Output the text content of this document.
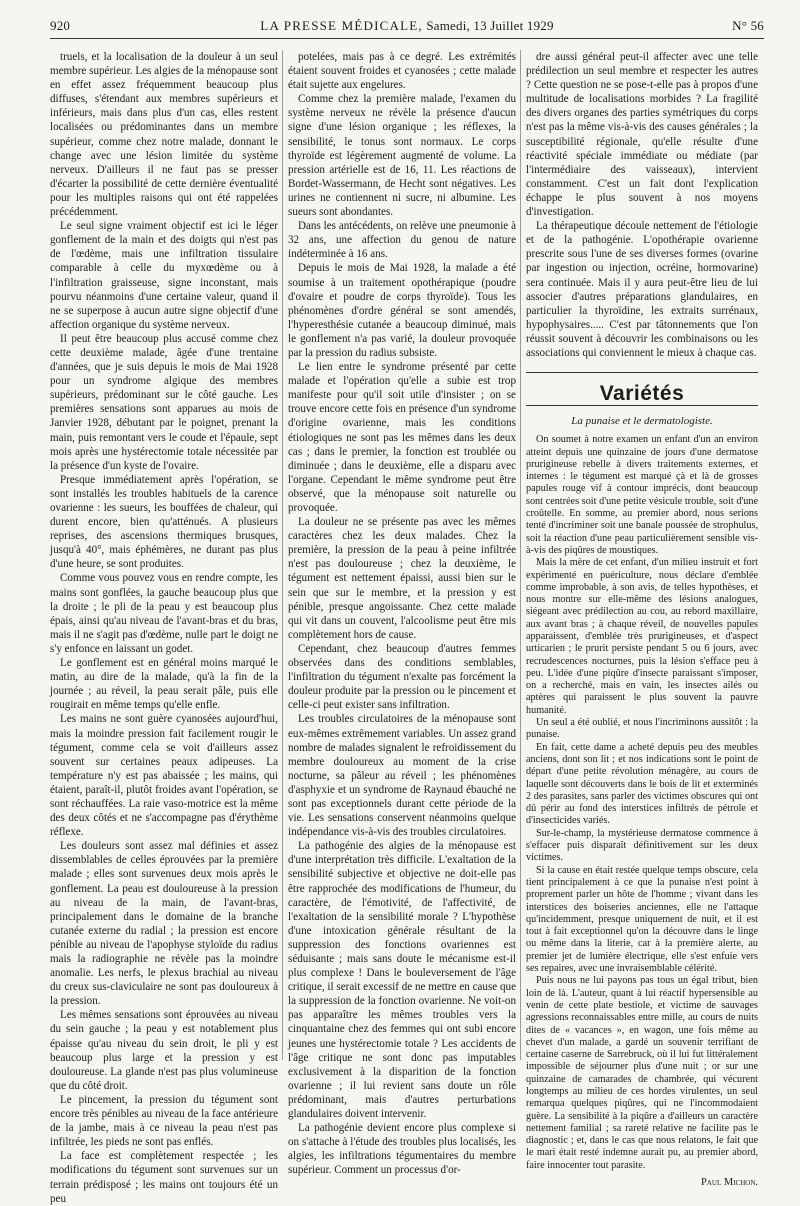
920	LA PRESSE MÉDICALE, Samedi, 13 Juillet 1929	N° 56

truels, et la localisation de la douleur à un seul membre supérieur. Les algies de la ménopause sont en effet assez fréquemment beaucoup plus diffuses, s'étendant aux membres supérieurs et inférieurs, mais dans plus d'un cas, elles restent localisées ou prédominantes dans un membre supérieur, comme chez notre malade, donnant le change avec une lésion limitée du système nerveux. D'ailleurs il ne faut pas se presser d'écarter la possibilité de cette dernière éventualité pour les multiples raisons qui ont été rappelées précédemment.

Le seul signe vraiment objectif est ici le léger gonflement de la main et des doigts qui n'est pas de l'œdème, mais une infiltration tissulaire comparable à celle du myxœdème ou à l'infiltration graisseuse, signe inconstant, mais pourvu néanmoins d'une certaine valeur, quand il ne se superpose à aucun autre signe objectif d'une affection organique du système nerveux.

Il peut être beaucoup plus accusé comme chez cette deuxième malade, âgée d'une trentaine d'années, que je suis depuis le mois de Mai 1928 pour un syndrome algique des membres supérieurs, prédominant sur le côté gauche. Les premières sensations sont apparues au mois de Janvier 1928, débutant par le poignet, prenant la main, puis remontant vers le coude et l'épaule, sept mois après une hystérectomie totale nécessitée par la présence d'un kyste de l'ovaire.

Presque immédiatement après l'opération, se sont installés les troubles habituels de la carence ovarienne : les sueurs, les bouffées de chaleur, qui durent encore, bien qu'atténués. A plusieurs reprises, des ascensions thermiques brusques, jusqu'à 40°, mais éphémères, ne durant pas plus d'une heure, se sont produites.

Comme vous pouvez vous en rendre compte, les mains sont gonflées, la gauche beaucoup plus que la droite ; le pli de la peau y est beaucoup plus épais, ainsi qu'au niveau de l'avant-bras et du bras, mais il ne s'agit pas d'œdème, nulle part le doigt ne s'y enfonce en laissant un godet.

Le gonflement est en général moins marqué le matin, au dire de la malade, qu'à la fin de la journée ; au réveil, la peau serait pâle, puis elle rougirait en même temps qu'elle enfle.

Les mains ne sont guère cyanosées aujourd'hui, mais la moindre pression fait facilement rougir le tégument, comme cela se voit d'ailleurs assez souvent sur certaines peaux adipeuses. La température n'y est pas abaissée ; les mains, qui étaient, paraît-il, plutôt froides avant l'opération, se sont réchauffées. La raie vaso-motrice est la même des deux côtés et ne s'accompagne pas d'érythème réflexe.

Les douleurs sont assez mal définies et assez dissemblables de celles éprouvées par la première malade ; elles sont survenues deux mois après le gonflement. La peau est douloureuse à la pression au niveau de la main, de l'avant-bras, principalement dans le domaine de la branche cutanée externe du radial ; la pression est encore pénible au niveau de l'apophyse styloïde du radius mais la radiographie ne révèle pas la moindre anomalie. Les nerfs, le plexus brachial au niveau du creux sus-claviculaire ne sont pas douloureux à la pression.

Les mêmes sensations sont éprouvées au niveau du sein gauche ; la peau y est notablement plus épaisse qu'au niveau du sein droit, le pli y est beaucoup plus large et la pression y est douloureuse. La glande n'est pas plus volumineuse que du côté droit.

Le pincement, la pression du tégument sont encore très pénibles au niveau de la face antérieure de la jambe, mais à ce niveau la peau n'est pas infiltrée, les pieds ne sont pas enflés.

La face est complètement respectée ; les modifications du tégument sont survenues sur un terrain prédisposé ; les mains ont toujours été un peu

potelées, mais pas à ce degré. Les extrémités étaient souvent froides et cyanosées ; cette malade était sujette aux engelures.

Comme chez la première malade, l'examen du système nerveux ne révèle la présence d'aucun signe d'une lésion organique ; les réflexes, la sensibilité, le tonus sont normaux. Le corps thyroïde est légèrement augmenté de volume. La pression artérielle est de 16, 11. Les réactions de Bordet-Wassermann, de Hecht sont négatives. Les urines ne contiennent ni sucre, ni albumine. Les sueurs sont abondantes.

Dans les antécédents, on relève une pneumonie à 32 ans, une affection du genou de nature indéterminée à 16 ans.

Depuis le mois de Mai 1928, la malade a été soumise à un traitement opothérapique (poudre d'ovaire et poudre de corps thyroïde). Tous les phénomènes d'ordre général se sont amendés, l'hyperesthésie cutanée a beaucoup diminué, mais le gonflement n'a pas varié, la douleur provoquée par la pression du radius subsiste.

Le lien entre le syndrome présenté par cette malade et l'opération qu'elle a subie est trop manifeste pour qu'il soit utile d'insister ; on se trouve encore cette fois en présence d'un syndrome d'origine ovarienne, mais les conditions étiologiques ne sont pas les mêmes dans les deux cas ; dans le premier, la fonction est troublée ou diminuée ; dans le deuxième, elle a disparu avec l'organe. Cependant le même syndrome peut être observé, que la ménopause soit naturelle ou provoquée.

La douleur ne se présente pas avec les mêmes caractères chez les deux malades. Chez la première, la pression de la peau à peine infiltrée n'est pas douloureuse ; chez la deuxième, le tégument est nettement épaissi, aussi bien sur le sein que sur le membre, et la pression y est pénible, presque angoissante. Chez cette malade qui vit dans un couvent, l'alcoolisme peut être mis complètement hors de cause.

Cependant, chez beaucoup d'autres femmes observées dans des conditions semblables, l'infiltration du tégument n'exalte pas forcément la douleur produite par la pression ou le pincement et celle-ci peut exister sans infiltration.

Les troubles circulatoires de la ménopause sont eux-mêmes extrêmement variables. Un assez grand nombre de malades signalent le refroidissement du membre douloureux au moment de la crise nocturne, sa pâleur au réveil ; les phénomènes d'asphyxie et un syndrome de Raynaud ébauché ne sont pas exceptionnels durant cette période de la vie. Les sensations conservent néanmoins quelque indépendance vis-à-vis des troubles circulatoires.

La pathogénie des algies de la ménopause est d'une interprétation très difficile. L'exaltation de la sensibilité subjective et objective ne doit-elle pas être rapprochée des modifications de l'humeur, du caractère, de l'émotivité, de l'affectivité, de l'exaltation de la sensibilité morale ? L'hypothèse d'une intoxication générale résultant de la suppression des fonctions ovariennes est séduisante ; mais sans doute le mécanisme est-il plus complexe ! Dans le bouleversement de l'âge critique, il serait excessif de ne mettre en cause que la suppression de la fonction ovarienne. Ne voit-on pas apparaître les mêmes troubles vers la cinquantaine chez des femmes qui ont subi encore jeunes une hystérectomie totale ? Les accidents de l'âge critique ne sont donc pas imputables exclusivement à la disparition de la fonction ovarienne ; il lui revient sans doute un rôle prédominant, mais d'autres perturbations glandulaires doivent intervenir.

La pathogénie devient encore plus complexe si on s'attache à l'étude des troubles plus localisés, les algies, les infiltrations tégumentaires du membre supérieur. Comment un processus d'or-

dre aussi général peut-il affecter avec une telle prédilection un seul membre et respecter les autres ? Cette question ne se pose-t-elle pas à propos d'une multitude de localisations morbides ? La fragilité des divers organes des parties symétriques du corps n'est pas la même vis-à-vis des causes générales ; la susceptibilité régionale, qu'elle résulte d'une réactivité spéciale immédiate ou médiate (par l'intermédiaire des vaisseaux), intervient constamment. C'est un fait dont l'explication échappe le plus souvent à nos moyens d'investigation.

La thérapeutique découle nettement de l'étiologie et de la pathogénie. L'opothérapie ovarienne prescrite sous l'une de ses diverses formes (ovarine par ingestion ou injection, ocréine, hormovarine) sera continuée. Mais il y aura peut-être lieu de lui associer d'autres préparations glandulaires, en particulier la thyroïdine, les extraits surrénaux, hypophysaires..... C'est par tâtonnements que l'on réussit souvent à découvrir les combinaisons ou les associations qui conviennent le mieux à chaque cas.

Variétés
La punaise et le dermatologiste.

On soumet à notre examen un enfant d'un an environ atteint depuis une quinzaine de jours d'une dermatose prurigineuse rebelle à divers traitements externes, et internes : le tégument est marqué çà et là de grosses papules rouge vif à contour imprécis, dont beaucoup sont centrées soit d'une petite vésicule trouble, soit d'une croûtelle. En somme, au premier abord, nous serions tenté d'incriminer soit une banale poussée de strophulus, soit la réaction d'une peau particulièrement sensible vis-à-vis des piqûres de moustiques.

Mais la mère de cet enfant, d'un milieu instruit et fort expérimenté en puériculture, nous déclare d'emblée comme improbable, à son avis, de telles hypothèses, et nous montre sur elle-même des lésions analogues, siégeant avec prédilection au cou, au rebord maxillaire, aux avant bras ; à chaque réveil, de nouvelles papules apparaissent, d'emblée très prurigineuses, et d'aspect urticarien ; le prurit persiste pendant 5 ou 6 jours, avec recrudescences nocturnes, puis la lésion s'efface peu à peu. L'idée d'une piqûre d'insecte paraissant s'imposer, on a recherché, mais en vain, les insectes ailés ou aptères qui paraissent le plus souvent la pauvre humanité.

Un seul a été oublié, et nous l'incriminons aussitôt : la punaise.

En fait, cette dame a acheté depuis peu des meubles anciens, dont son lit ; et nos indications sont le point de départ d'une petite révolution ménagère, au cours de laquelle sont découverts dans le bois de lit et exterminés 2 des parasites, sans parler des victimes obscures qui ont dû périr au fond des interstices infiltrés de pétrole et d'insecticides variés.

Sur-le-champ, la mystérieuse dermatose commence à s'effacer puis disparaît définitivement sur les deux victimes.

Si la cause en était restée quelque temps obscure, cela tient principalement à ce que la punaise n'est point à proprement parler un hôte de l'homme ; vivant dans les interstices des boiseries anciennes, elle ne l'attaque qu'incidemment, presque uniquement de nuit, et il est tout à fait exceptionnel qu'on la découvre dans le linge ou même dans la literie, car à la première alerte, au premier jet de lumière électrique, elle s'est enfuie vers ses repaires, avec une invraisemblable célérité.

Puis nous ne lui payons pas tous un égal tribut, bien loin de là. L'auteur, quant à lui réactif hypersensible au venin de cette plate bestiole, et victime de sauvages agressions reconnaissables entre mille, au cours de nuits dites de « vacances », en wagon, une fois même au chevet d'un malade, a gardé un souvenir terrifiant de certaine caserne de Sarrebruck, où il lui fut littéralement impossible de séjourner plus d'une nuit ; or sur une quinzaine de camarades de chambrée, qui vécurent longtemps au milieu de ces hordes virulentes, un seul remarqua quelques piqûres, qui ne l'incommodaient guère. La sensibilité à la piqûre a d'ailleurs un caractère nettement familial ; sa rareté relative ne facilite pas le diagnostic ; et, dans le cas que nous relatons, le fait que le mari était resté indemne aurait pu, au premier abord, faire innocenter tout parasite.

Paul Michon.
